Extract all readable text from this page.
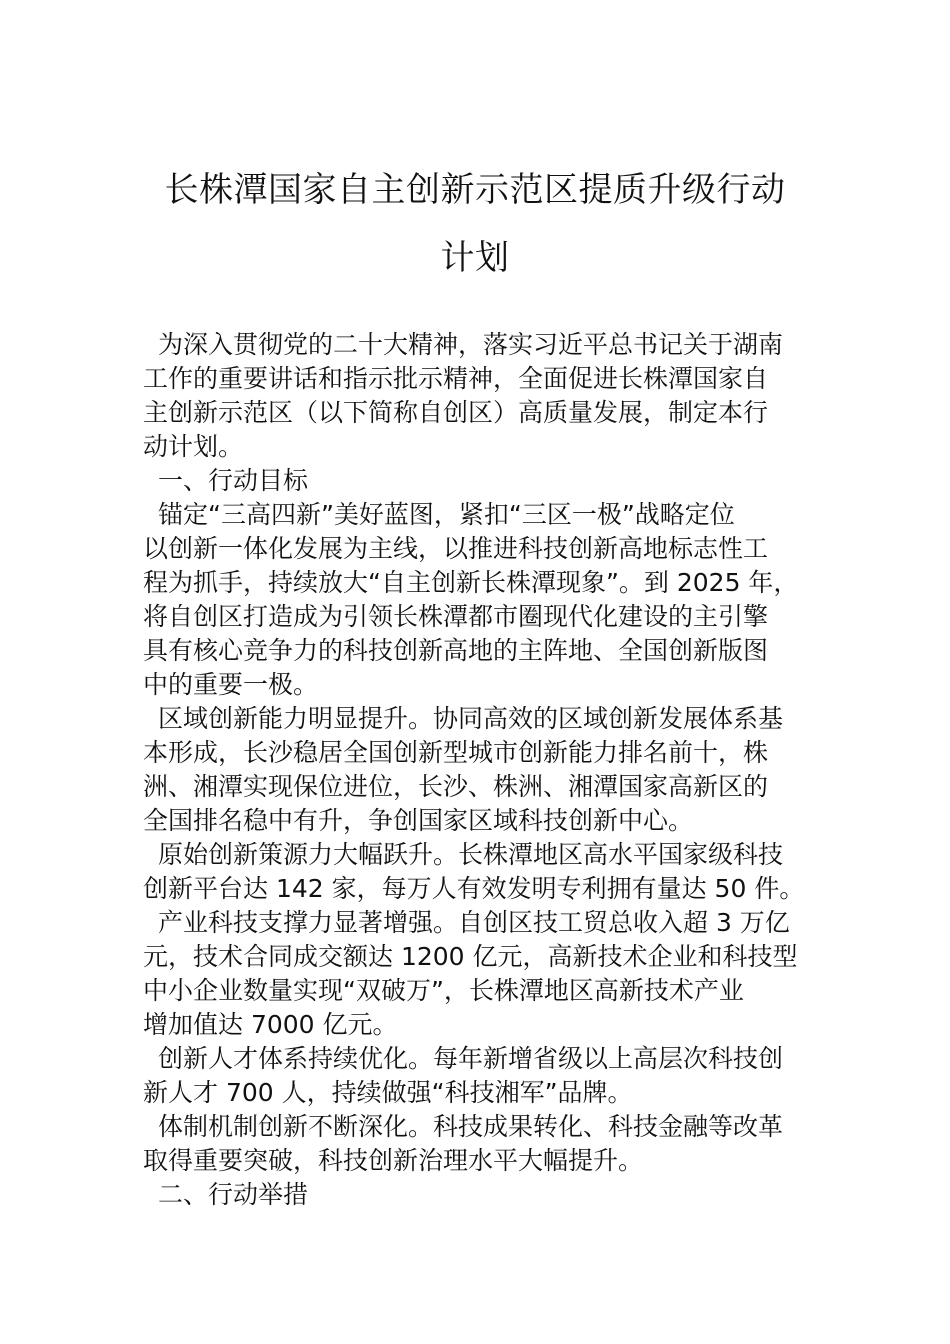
长株潭国家自主创新示范区提质升级行动
计划
为深入贯彻党的二十大精神，落实习近平总书记关于湖南
工作的重要讲话和指示批示精神，全面促进长株潭国家自
主创新示范区（以下简称自创区）高质量发展，制定本行
动计划。
一、行动目标
锚定“三高四新”美好蓝图，紧扣“三区一极”战略定位
以创新一体化发展为主线，以推进科技创新高地标志性工
程为抓手，持续放大“自主创新长株潭现象”。到 2025 年，
将自创区打造成为引领长株潭都市圈现代化建设的主引擎
具有核心竞争力的科技创新高地的主阵地、全国创新版图
中的重要一极。
区域创新能力明显提升。协同高效的区域创新发展体系基
本形成，长沙稳居全国创新型城市创新能力排名前十，株
洲、湘潭实现保位进位，长沙、株洲、湘潭国家高新区的
全国排名稳中有升，争创国家区域科技创新中心。
原始创新策源力大幅跃升。长株潭地区高水平国家级科技
创新平台达 142 家，每万人有效发明专利拥有量达 50 件。
产业科技支撑力显著增强。自创区技工贸总收入超 3 万亿
元，技术合同成交额达 1200 亿元，高新技术企业和科技型
中小企业数量实现“双破万”，长株潭地区高新技术产业
增加值达 7000 亿元。
创新人才体系持续优化。每年新增省级以上高层次科技创
新人才 700 人，持续做强“科技湘军”品牌。
体制机制创新不断深化。科技成果转化、科技金融等改革
取得重要突破，科技创新治理水平大幅提升。
二、行动举措
